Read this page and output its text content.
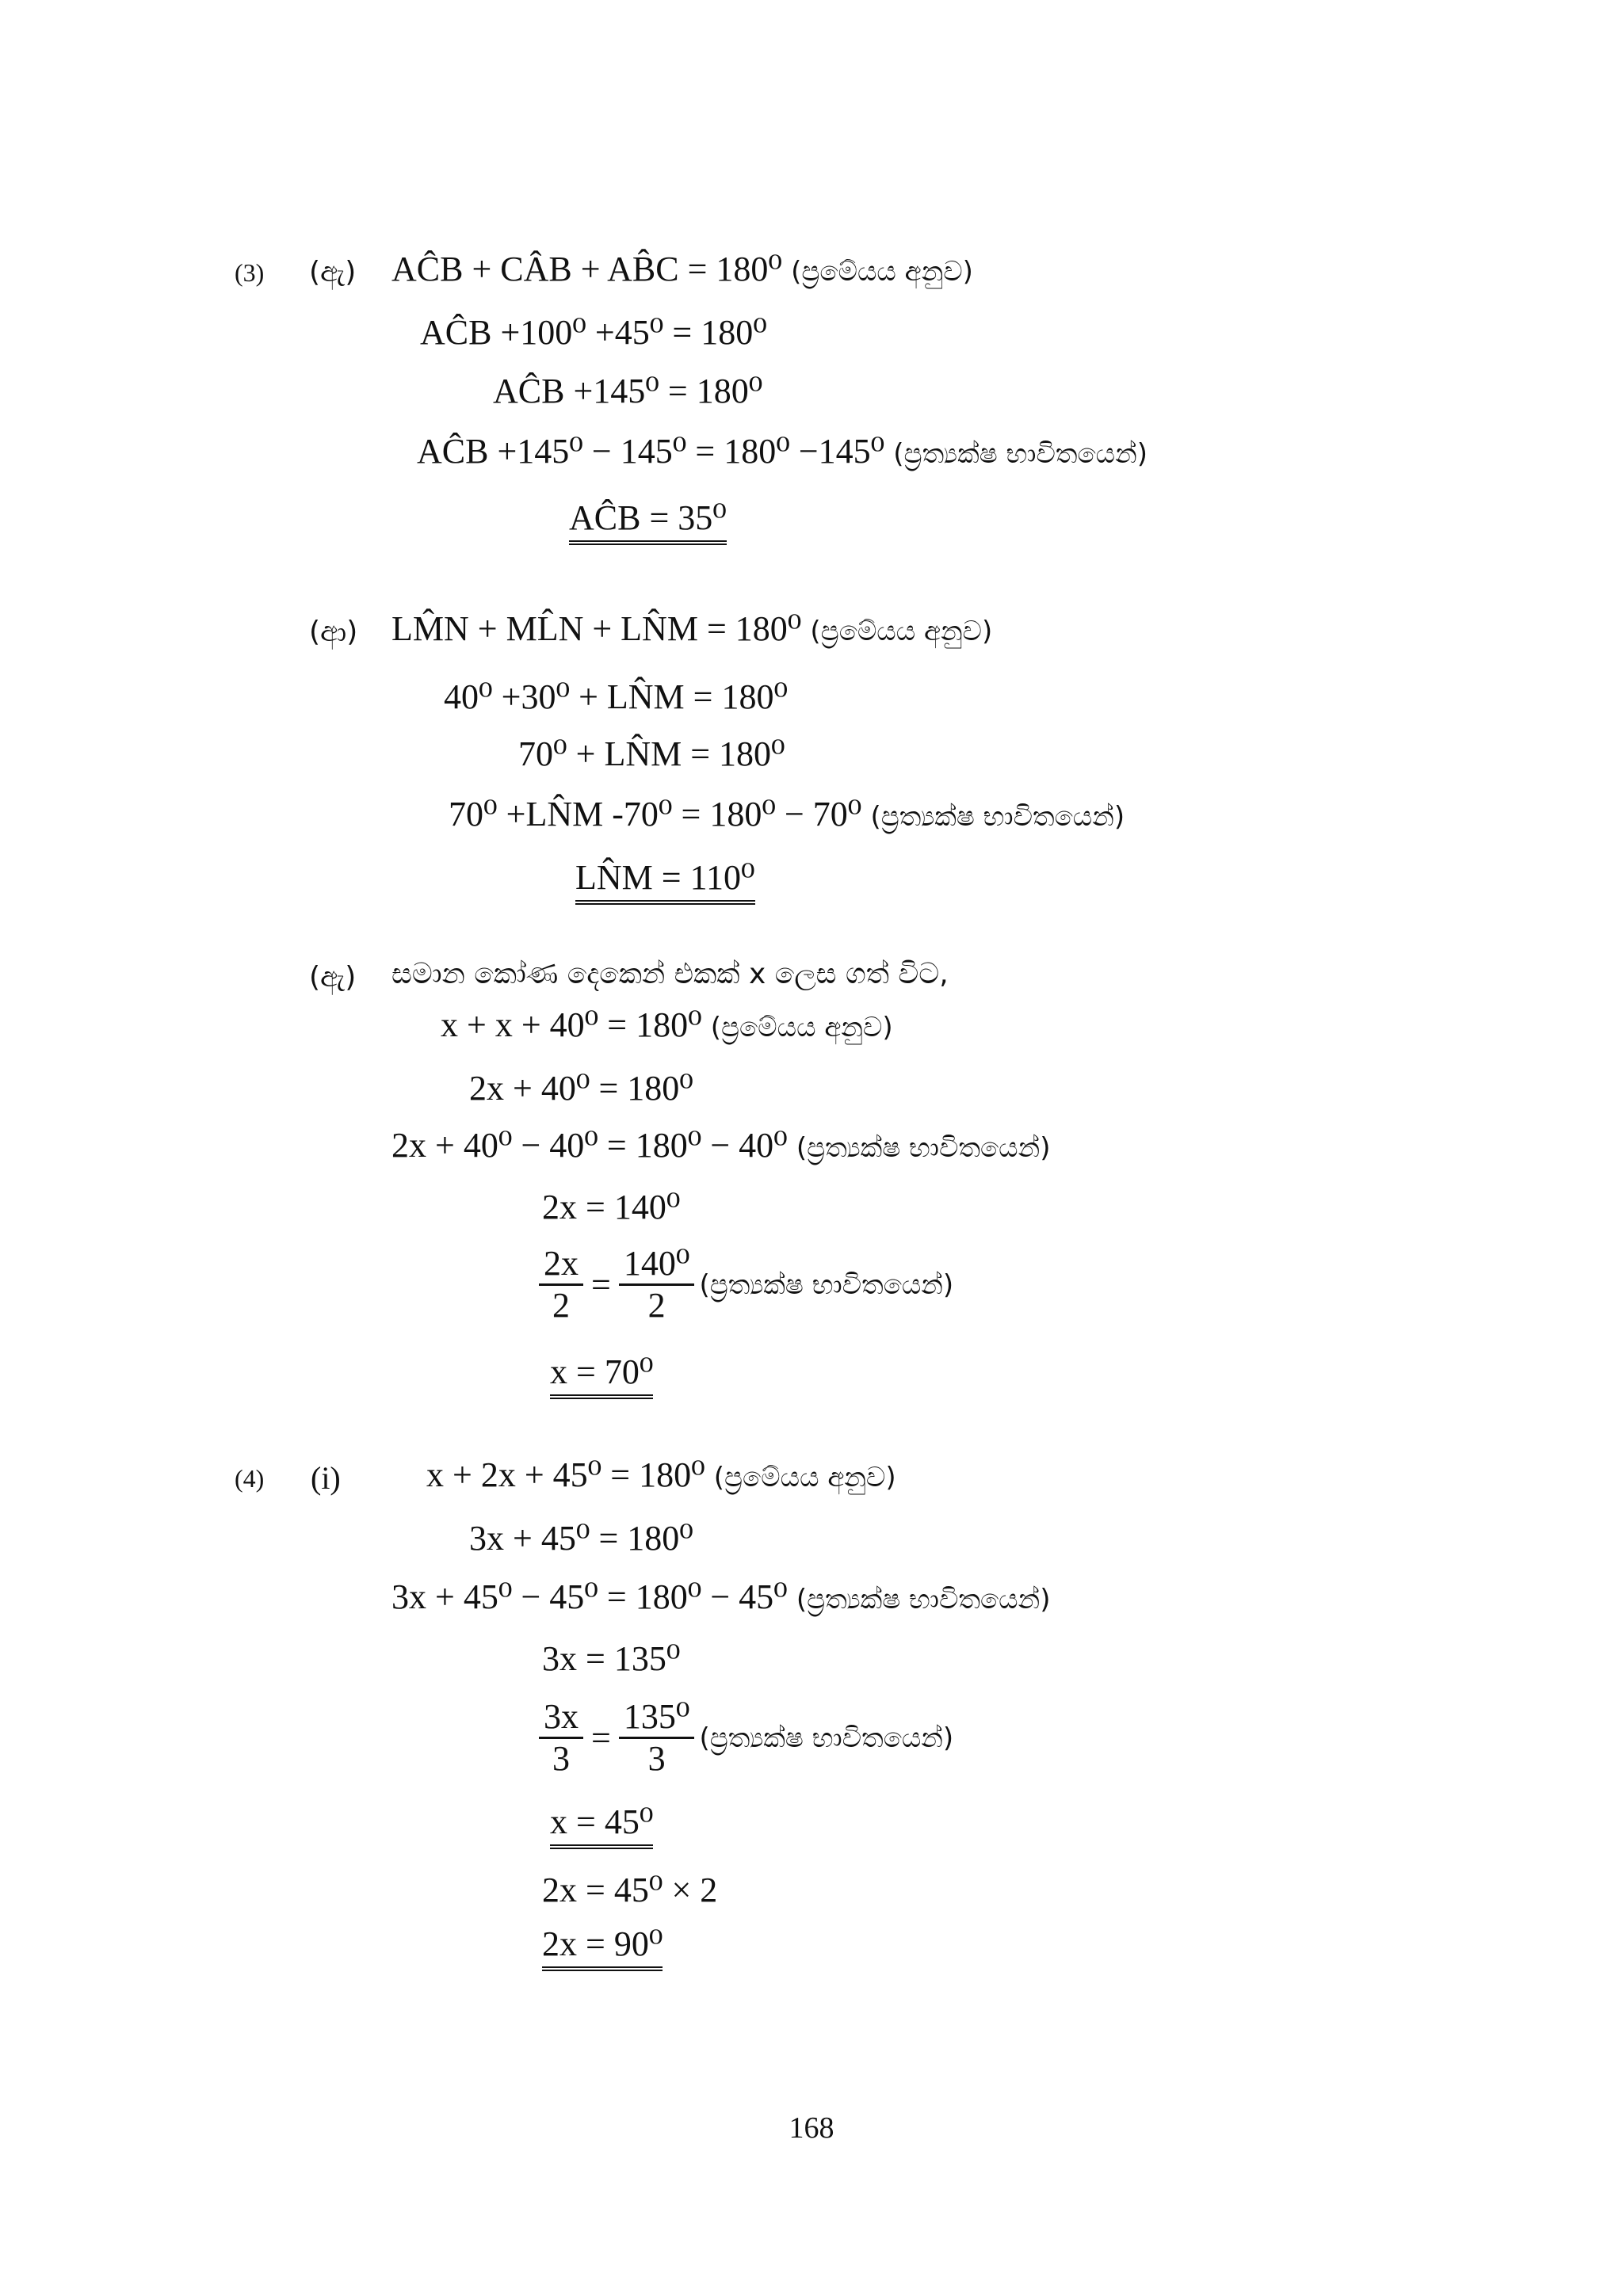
(3) (ඇ) AĈB + CÂB + AB̂C = 180⁰ (ප්‍රමේයය අනුව)
AĈB +100⁰ +45⁰ = 180⁰
AĈB +145⁰ = 180⁰
AĈB +145⁰ − 145⁰ = 180⁰ −145⁰ (ප්‍රත්‍යක්ෂ භාවිතයෙන්)
AĈB = 35⁰
(ආ) LM̂N + ML̂N + LN̂M = 180⁰ (ප්‍රමේයය අනුව)
40⁰ +30⁰ + LN̂M = 180⁰
70⁰ + LN̂M = 180⁰
70⁰ +LN̂M -70⁰ = 180⁰ − 70⁰ (ප්‍රත්‍යක්ෂ භාවිතයෙන්)
LN̂M = 110⁰
(ඇ) සමාන කෝණ දෙකෙන් එකක් x ලෙස ගත් විට,
x + x + 40⁰ = 180⁰ (ප්‍රමේයය අනුව)
2x + 40⁰ = 180⁰
2x + 40⁰ − 40⁰ = 180⁰ − 40⁰ (ප්‍රත්‍යක්ෂ භාවිතයෙන්)
2x = 140⁰
$\frac{2x}{2} = \frac{\text{140⁰}}{2}$ (ප්‍රත්‍යක්ෂ භාවිතයෙන්)
x = 70⁰
(4) (i) x + 2x + 45⁰ = 180⁰ (ප්‍රමේයය අනුව)
3x + 45⁰ = 180⁰
3x + 45⁰ − 45⁰ = 180⁰ − 45⁰ (ප්‍රත්‍යක්ෂ භාවිතයෙන්)
3x = 135⁰
$\frac{3x}{3} = \frac{\text{135⁰}}{3}$ (ප්‍රත්‍යක්ෂ භාවිතයෙන්)
x = 45⁰
2x = 45⁰ × 2
2x = 90⁰
168
